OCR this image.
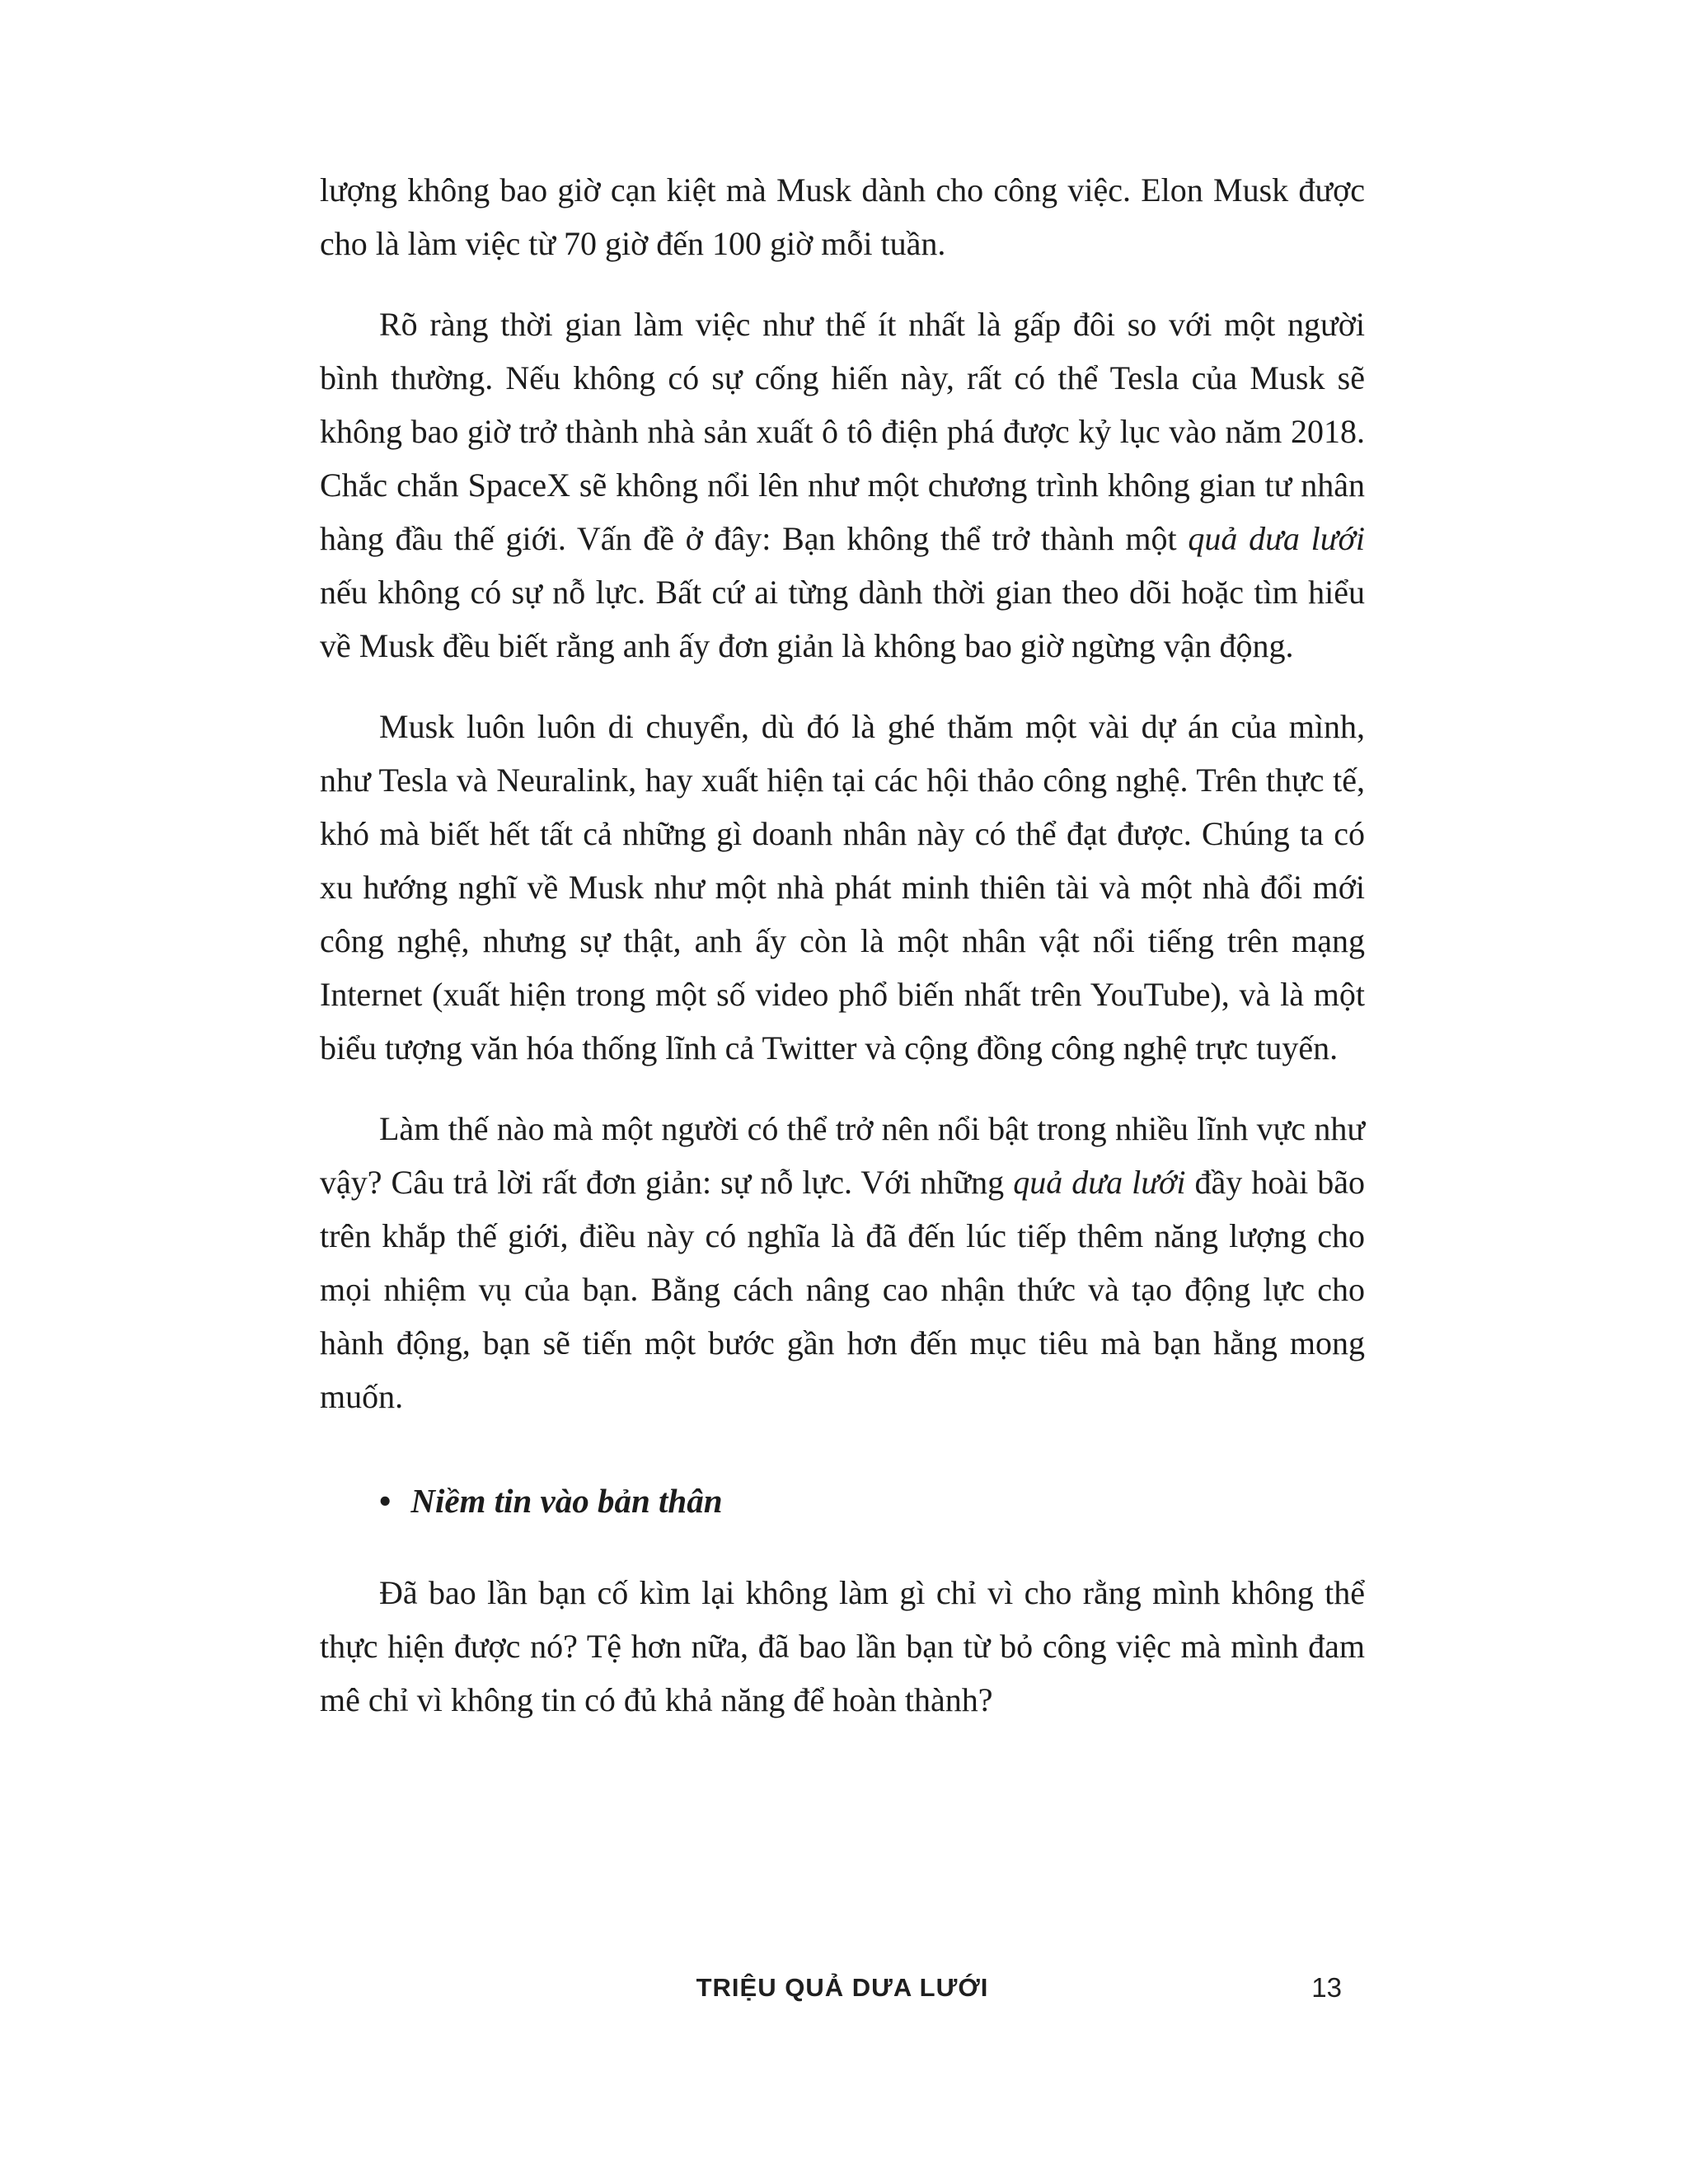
lượng không bao giờ cạn kiệt mà Musk dành cho công việc. Elon Musk được cho là làm việc từ 70 giờ đến 100 giờ mỗi tuần.

Rõ ràng thời gian làm việc như thế ít nhất là gấp đôi so với một người bình thường. Nếu không có sự cống hiến này, rất có thể Tesla của Musk sẽ không bao giờ trở thành nhà sản xuất ô tô điện phá được kỷ lục vào năm 2018. Chắc chắn SpaceX sẽ không nổi lên như một chương trình không gian tư nhân hàng đầu thế giới. Vấn đề ở đây: Bạn không thể trở thành một quả dưa lưới nếu không có sự nỗ lực. Bất cứ ai từng dành thời gian theo dõi hoặc tìm hiểu về Musk đều biết rằng anh ấy đơn giản là không bao giờ ngừng vận động.

Musk luôn luôn di chuyển, dù đó là ghé thăm một vài dự án của mình, như Tesla và Neuralink, hay xuất hiện tại các hội thảo công nghệ. Trên thực tế, khó mà biết hết tất cả những gì doanh nhân này có thể đạt được. Chúng ta có xu hướng nghĩ về Musk như một nhà phát minh thiên tài và một nhà đổi mới công nghệ, nhưng sự thật, anh ấy còn là một nhân vật nổi tiếng trên mạng Internet (xuất hiện trong một số video phổ biến nhất trên YouTube), và là một biểu tượng văn hóa thống lĩnh cả Twitter và cộng đồng công nghệ trực tuyến.

Làm thế nào mà một người có thể trở nên nổi bật trong nhiều lĩnh vực như vậy? Câu trả lời rất đơn giản: sự nỗ lực. Với những quả dưa lưới đầy hoài bão trên khắp thế giới, điều này có nghĩa là đã đến lúc tiếp thêm năng lượng cho mọi nhiệm vụ của bạn. Bằng cách nâng cao nhận thức và tạo động lực cho hành động, bạn sẽ tiến một bước gần hơn đến mục tiêu mà bạn hằng mong muốn.

• Niềm tin vào bản thân

Đã bao lần bạn cố kìm lại không làm gì chỉ vì cho rằng mình không thể thực hiện được nó? Tệ hơn nữa, đã bao lần bạn từ bỏ công việc mà mình đam mê chỉ vì không tin có đủ khả năng để hoàn thành?

TRIỆU QUẢ DƯA LƯỚI	13
